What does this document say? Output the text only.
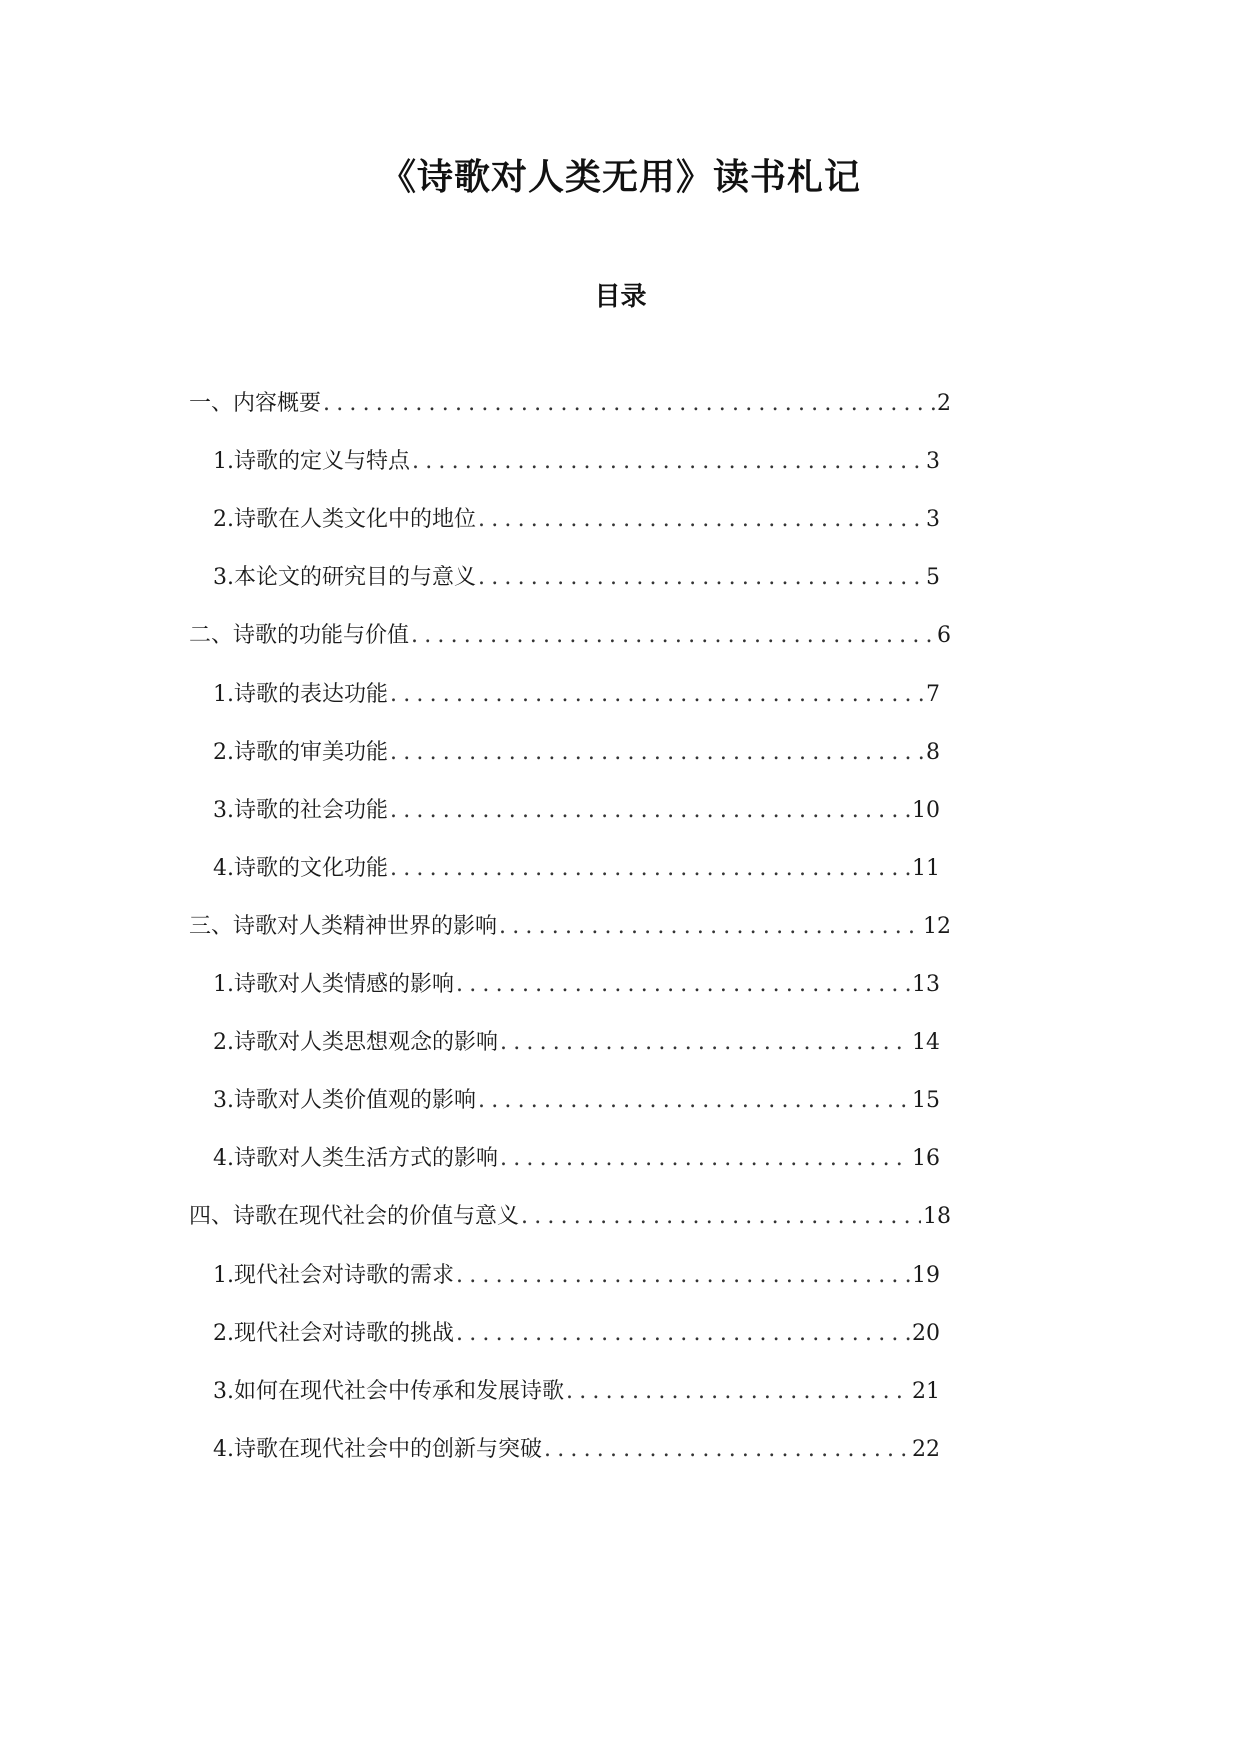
《诗歌对人类无用》读书札记
目录
一、内容概要 .....	2
1. 诗歌的定义与特点 .....	3
2. 诗歌在人类文化中的地位 .....	3
3. 本论文的研究目的与意义 .....	5
二、诗歌的功能与价值 .....	6
1. 诗歌的表达功能 .....	7
2. 诗歌的审美功能 .....	8
3. 诗歌的社会功能 .....	10
4. 诗歌的文化功能 .....	11
三、诗歌对人类精神世界的影响 .....	12
1. 诗歌对人类情感的影响 .....	13
2. 诗歌对人类思想观念的影响 .....	14
3. 诗歌对人类价值观的影响 .....	15
4. 诗歌对人类生活方式的影响 .....	16
四、诗歌在现代社会的价值与意义 .....	18
1. 现代社会对诗歌的需求 .....	19
2. 现代社会对诗歌的挑战 .....	20
3. 如何在现代社会中传承和发展诗歌 .....	21
4. 诗歌在现代社会中的创新与突破 .....	22
